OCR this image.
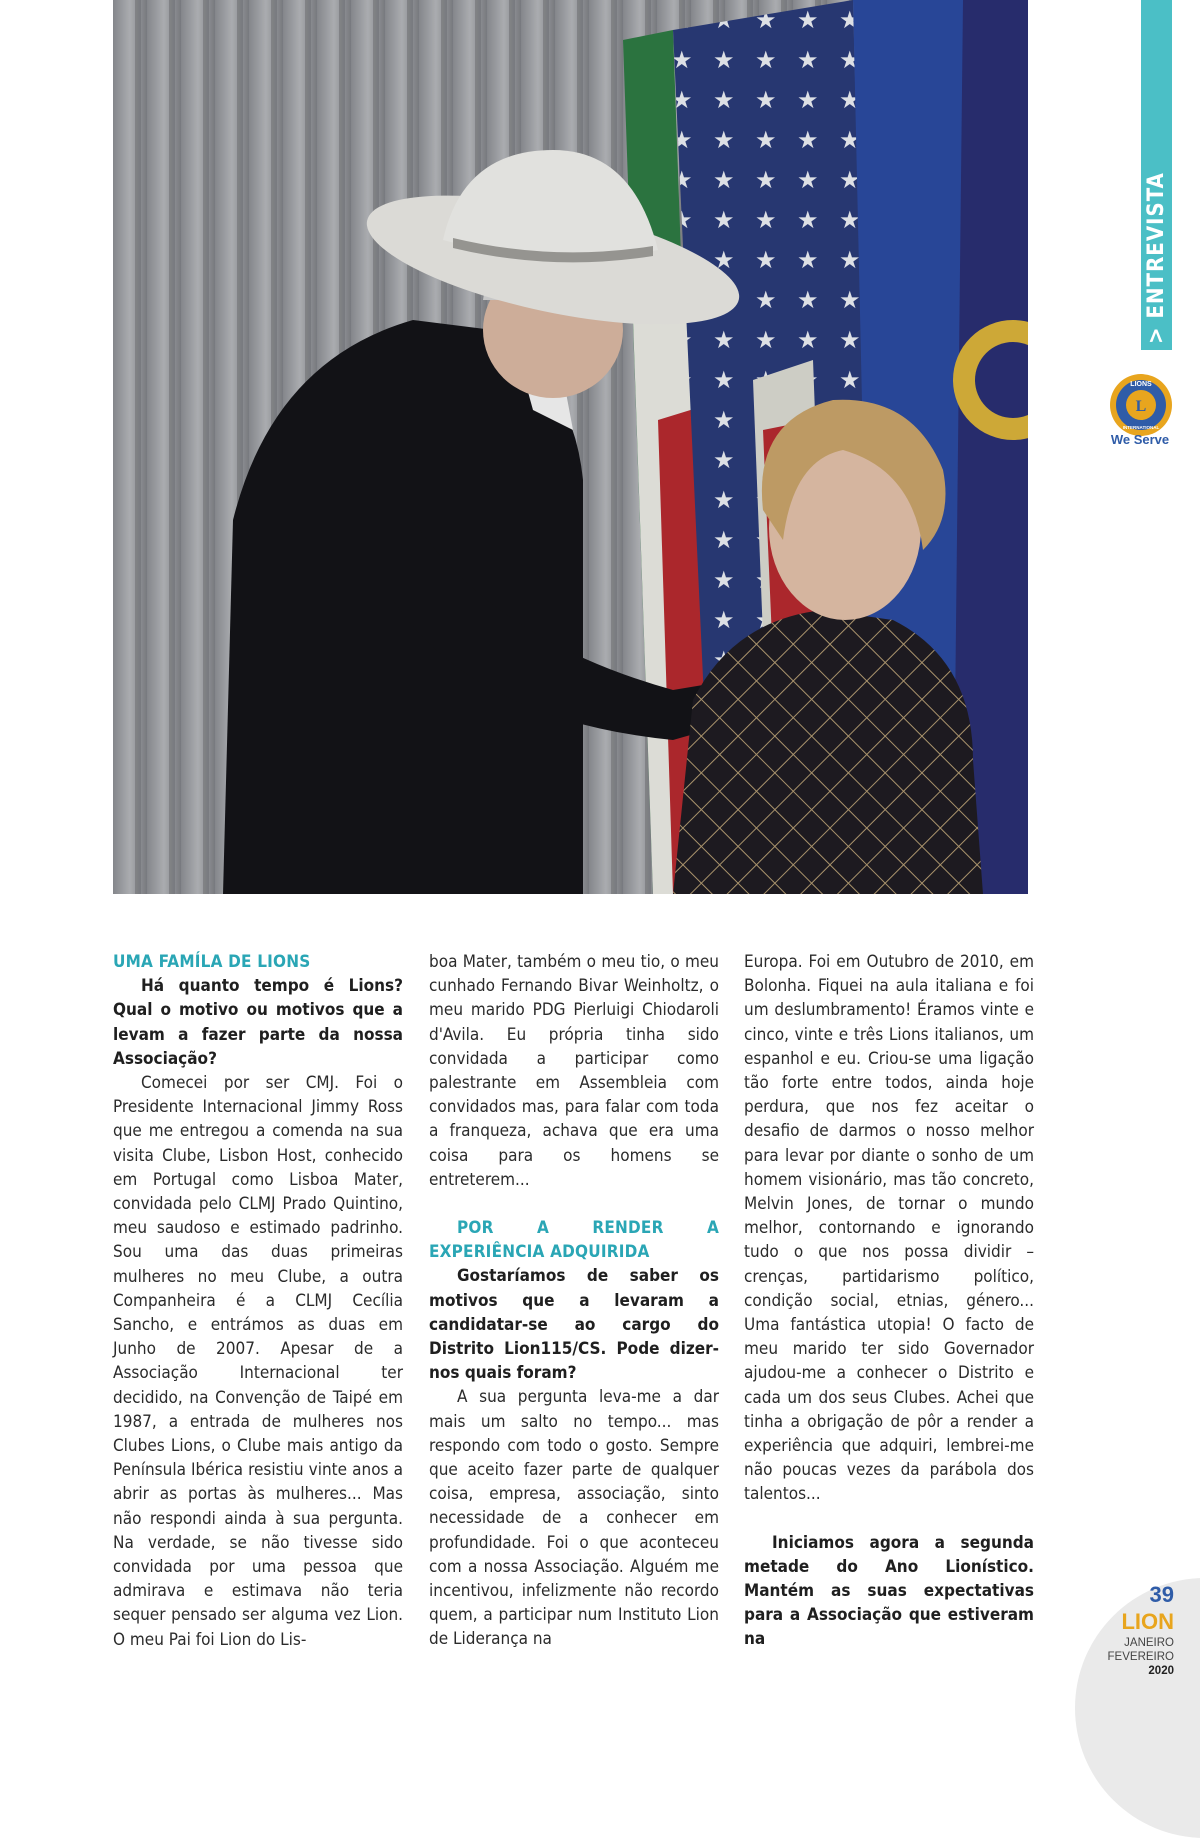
> ENTREVISTA
L
LIONS
INTERNATIONAL
We Serve

UMA FAMÍLA DE LIONS

Há quanto tempo é Lions? Qual o motivo ou motivos que a levam a fazer parte da nossa Associação?

Comecei por ser CMJ. Foi o Presidente Internacional Jimmy Ross que me entregou a comenda na sua visita Clube, Lisbon Host, conhecido em Portugal como Lisboa Mater, convidada pelo CLMJ Prado Quintino, meu saudoso e estimado padrinho. Sou uma das duas primeiras mulheres no meu Clube, a outra Companheira é a CLMJ Cecília Sancho, e entrámos as duas em Junho de 2007. Apesar de a Associação Internacional ter decidido, na Convenção de Taipé em 1987, a entrada de mulheres nos Clubes Lions, o Clube mais antigo da Península Ibérica resistiu vinte anos a abrir as portas às mulheres... Mas não respondi ainda à sua pergunta. Na verdade, se não tivesse sido convidada por uma pessoa que admirava e estimava não teria sequer pensado ser alguma vez Lion. O meu Pai foi Lion do Lis-

boa Mater, também o meu tio, o meu cunhado Fernando Bivar Weinholtz, o meu marido PDG Pierluigi Chiodaroli d'Avila. Eu própria tinha sido convidada a participar como palestrante em Assembleia com convidados mas, para falar com toda a franqueza, achava que era uma coisa para os homens se entreterem...

POR A RENDER A EXPERIÊNCIA ADQUIRIDA

Gostaríamos de saber os motivos que a levaram a candidatar-se ao cargo do Distrito Lion115/CS. Pode dizer-nos quais foram?

A sua pergunta leva-me a dar mais um salto no tempo... mas respondo com todo o gosto. Sempre que aceito fazer parte de qualquer coisa, empresa, associação, sinto necessidade de a conhecer em profundidade. Foi o que aconteceu com a nossa Associação. Alguém me incentivou, infelizmente não recordo quem, a participar num Instituto Lion de Liderança na

Europa. Foi em Outubro de 2010, em Bolonha. Fiquei na aula italiana e foi um deslumbramento! Éramos vinte e cinco, vinte e três Lions italianos, um espanhol e eu. Criou-se uma ligação tão forte entre todos, ainda hoje perdura, que nos fez aceitar o desafio de darmos o nosso melhor para levar por diante o sonho de um homem visionário, mas tão concreto, Melvin Jones, de tornar o mundo melhor, contornando e ignorando tudo o que nos possa dividir – crenças, partidarismo político, condição social, etnias, género... Uma fantástica utopia! O facto de meu marido ter sido Governador ajudou-me a conhecer o Distrito e cada um dos seus Clubes. Achei que tinha a obrigação de pôr a render a experiência que adquiri, lembrei-me não poucas vezes da parábola dos talentos...

Iniciamos agora a segunda metade do Ano Lionístico. Mantém as suas expectativas para a Associação que estiveram na

39
LION
JANEIRO
FEVEREIRO
2020
